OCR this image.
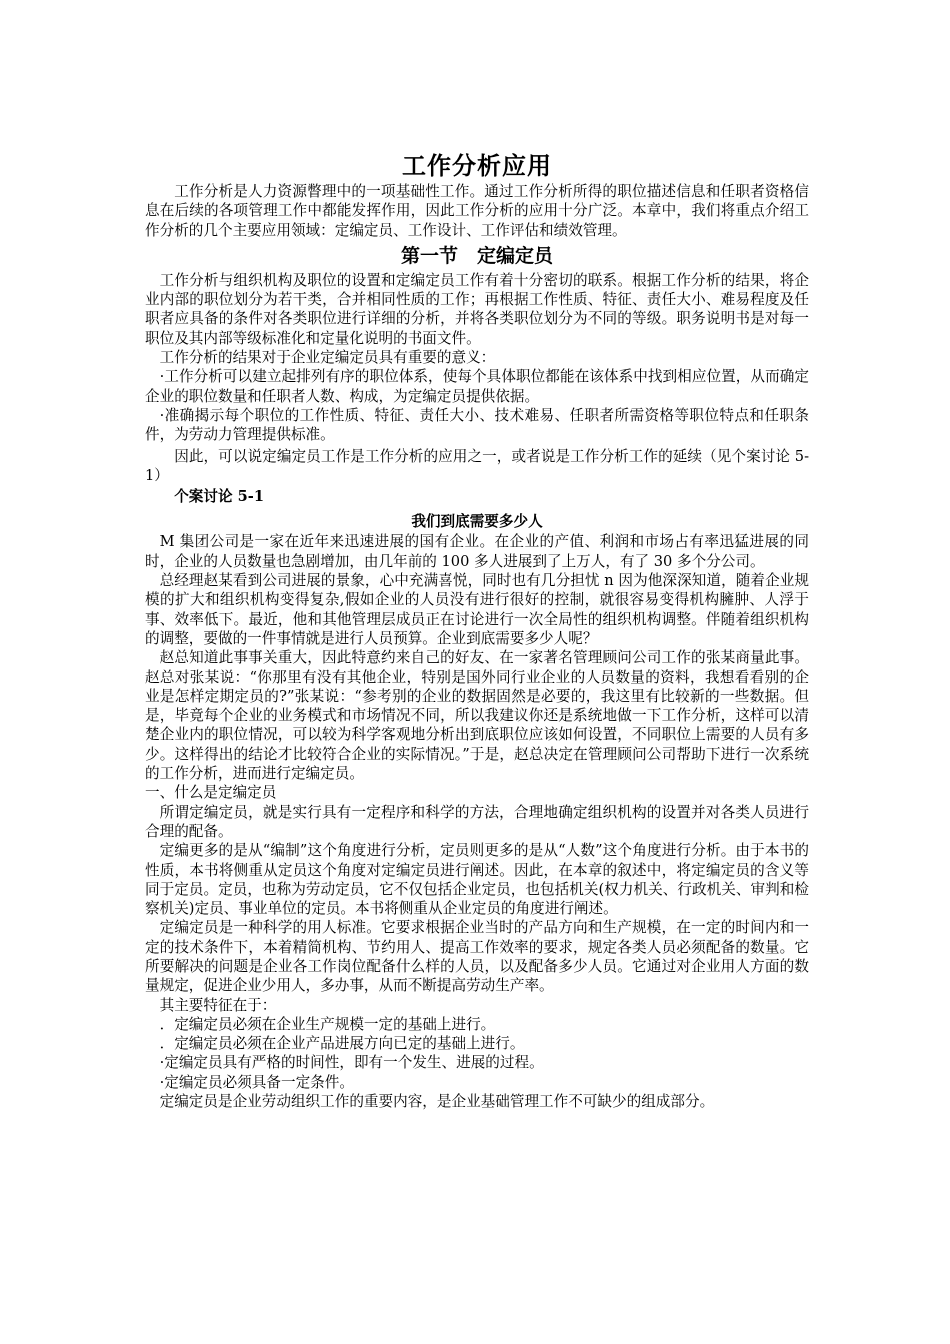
工作分析应用

工作分析是人力资源瞥理中的一项基础性工作。通过工作分析所得的职位描述信息和任职者资格信息在后续的各项管理工作中都能发挥作用，因此工作分析的应用十分广泛。本章中，我们将重点介绍工作分析的几个主要应用领域：定编定员、工作设计、工作评估和绩效管理。

第一节　定编定员

工作分析与组织机构及职位的设置和定编定员工作有着十分密切的联系。根据工作分析的结果，将企业内部的职位划分为若干类，合并相同性质的工作；再根据工作性质、特征、责任大小、难易程度及任职者应具备的条件对各类职位进行详细的分析，并将各类职位划分为不同的等级。职务说明书是对每一职位及其内部等级标准化和定量化说明的书面文件。

工作分析的结果对于企业定编定员具有重要的意义：

·工作分析可以建立起排列有序的职位体系，使每个具体职位都能在该体系中找到相应位置，从而确定企业的职位数量和任职者人数、构成，为定编定员提供依据。

·准确揭示每个职位的工作性质、特征、责任大小、技术难易、任职者所需资格等职位特点和任职条件，为劳动力管理提供标准。

因此，可以说定编定员工作是工作分析的应用之一，或者说是工作分析工作的延续（见个案讨论 5-1）

个案讨论 5-1

我们到底需要多少人

M 集团公司是一家在近年来迅速进展的国有企业。在企业的产值、利润和市场占有率迅猛进展的同时，企业的人员数量也急剧增加，由几年前的 100 多人进展到了上万人，有了 30 多个分公司。

总经理赵某看到公司进展的景象，心中充满喜悦，同时也有几分担忧 n 因为他深深知道，随着企业规模的扩大和组织机构变得复杂,假如企业的人员没有进行很好的控制，就很容易变得机构臃肿、人浮于事、效率低下。最近，他和其他管理层成员正在讨论进行一次全局性的组织机构调整。伴随着组织机构的调整，要做的一件事情就是进行人员预算。企业到底需要多少人呢？

赵总知道此事事关重大，因此特意约来自己的好友、在一家著名管理顾问公司工作的张某商量此事。赵总对张某说：“你那里有没有其他企业，特别是国外同行业企业的人员数量的资料，我想看看别的企业是怎样定期定员的?”张某说：“参考别的企业的数据固然是必要的，我这里有比较新的一些数据。但是，毕竟每个企业的业务模式和市场情况不同，所以我建议你还是系统地做一下工作分析，这样可以清楚企业内的职位情况，可以较为科学客观地分析出到底职位应该如何设置，不同职位上需要的人员有多少。这样得出的结论才比较符合企业的实际情况。”于是，赵总决定在管理顾问公司帮助下进行一次系统的工作分析，进而进行定编定员。

一、什么是定编定员

所谓定编定员，就是实行具有一定程序和科学的方法，合理地确定组织机构的设置并对各类人员进行合理的配备。

定编更多的是从“编制”这个角度进行分析，定员则更多的是从“人数”这个角度进行分析。由于本书的性质，本书将侧重从定员这个角度对定编定员进行阐述。因此，在本章的叙述中，将定编定员的含义等同于定员。定员，也称为劳动定员，它不仅包括企业定员，也包括机关(权力机关、行政机关、审判和检察机关)定员、事业单位的定员。本书将侧重从企业定员的角度进行阐述。

定编定员是一种科学的用人标准。它要求根据企业当时的产品方向和生产规模，在一定的时间内和一定的技术条件下，本着精简机构、节约用人、提高工作效率的要求，规定各类人员必须配备的数量。它所要解决的问题是企业各工作岗位配备什么样的人员，以及配备多少人员。它通过对企业用人方面的数量规定，促进企业少用人，多办事，从而不断提高劳动生产率。

其主要特征在于：

．定编定员必须在企业生产规模一定的基础上进行。

．定编定员必须在企业产品进展方向已定的基础上进行。

·定编定员具有严格的时间性，即有一个发生、进展的过程。

·定编定员必须具备一定条件。

定编定员是企业劳动组织工作的重要内容，是企业基础管理工作不可缺少的组成部分。
